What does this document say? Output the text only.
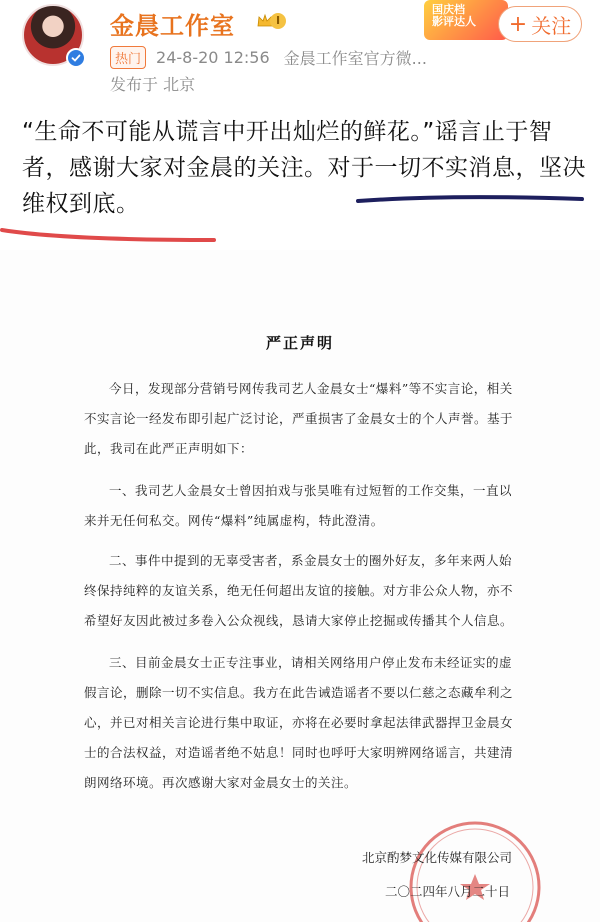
金晨工作室	I
国庆档
影评达人	+ 关注
热门 24-8-20 12:56 金晨工作室官方微...
发布于 北京
“生命不可能从谎言中开出灿烂的鲜花。”谣言止于智者，感谢大家对金晨的关注。对于一切不实消息，坚决维权到底。
严正声明

今日，发现部分营销号网传我司艺人金晨女士“爆料”等不实言论，相关不实言论一经发布即引起广泛讨论，严重损害了金晨女士的个人声誉。基于此，我司在此严正声明如下：

一、我司艺人金晨女士曾因拍戏与张昊唯有过短暂的工作交集，一直以来并无任何私交。网传“爆料”纯属虚构，特此澄清。

二、事件中提到的无辜受害者，系金晨女士的圈外好友，多年来两人始终保持纯粹的友谊关系，绝无任何超出友谊的接触。对方非公众人物，亦不希望好友因此被过多卷入公众视线，恳请大家停止挖掘或传播其个人信息。

三、目前金晨女士正专注事业，请相关网络用户停止发布未经证实的虚假言论，删除一切不实信息。我方在此告诫造谣者不要以仁慈之态藏牟利之心，并已对相关言论进行集中取证，亦将在必要时拿起法律武器捍卫金晨女士的合法权益，对造谣者绝不姑息！同时也呼吁大家明辨网络谣言，共建清朗网络环境。再次感谢大家对金晨女士的关注。

北京酌梦文化传媒有限公司
二〇二四年八月二十日
